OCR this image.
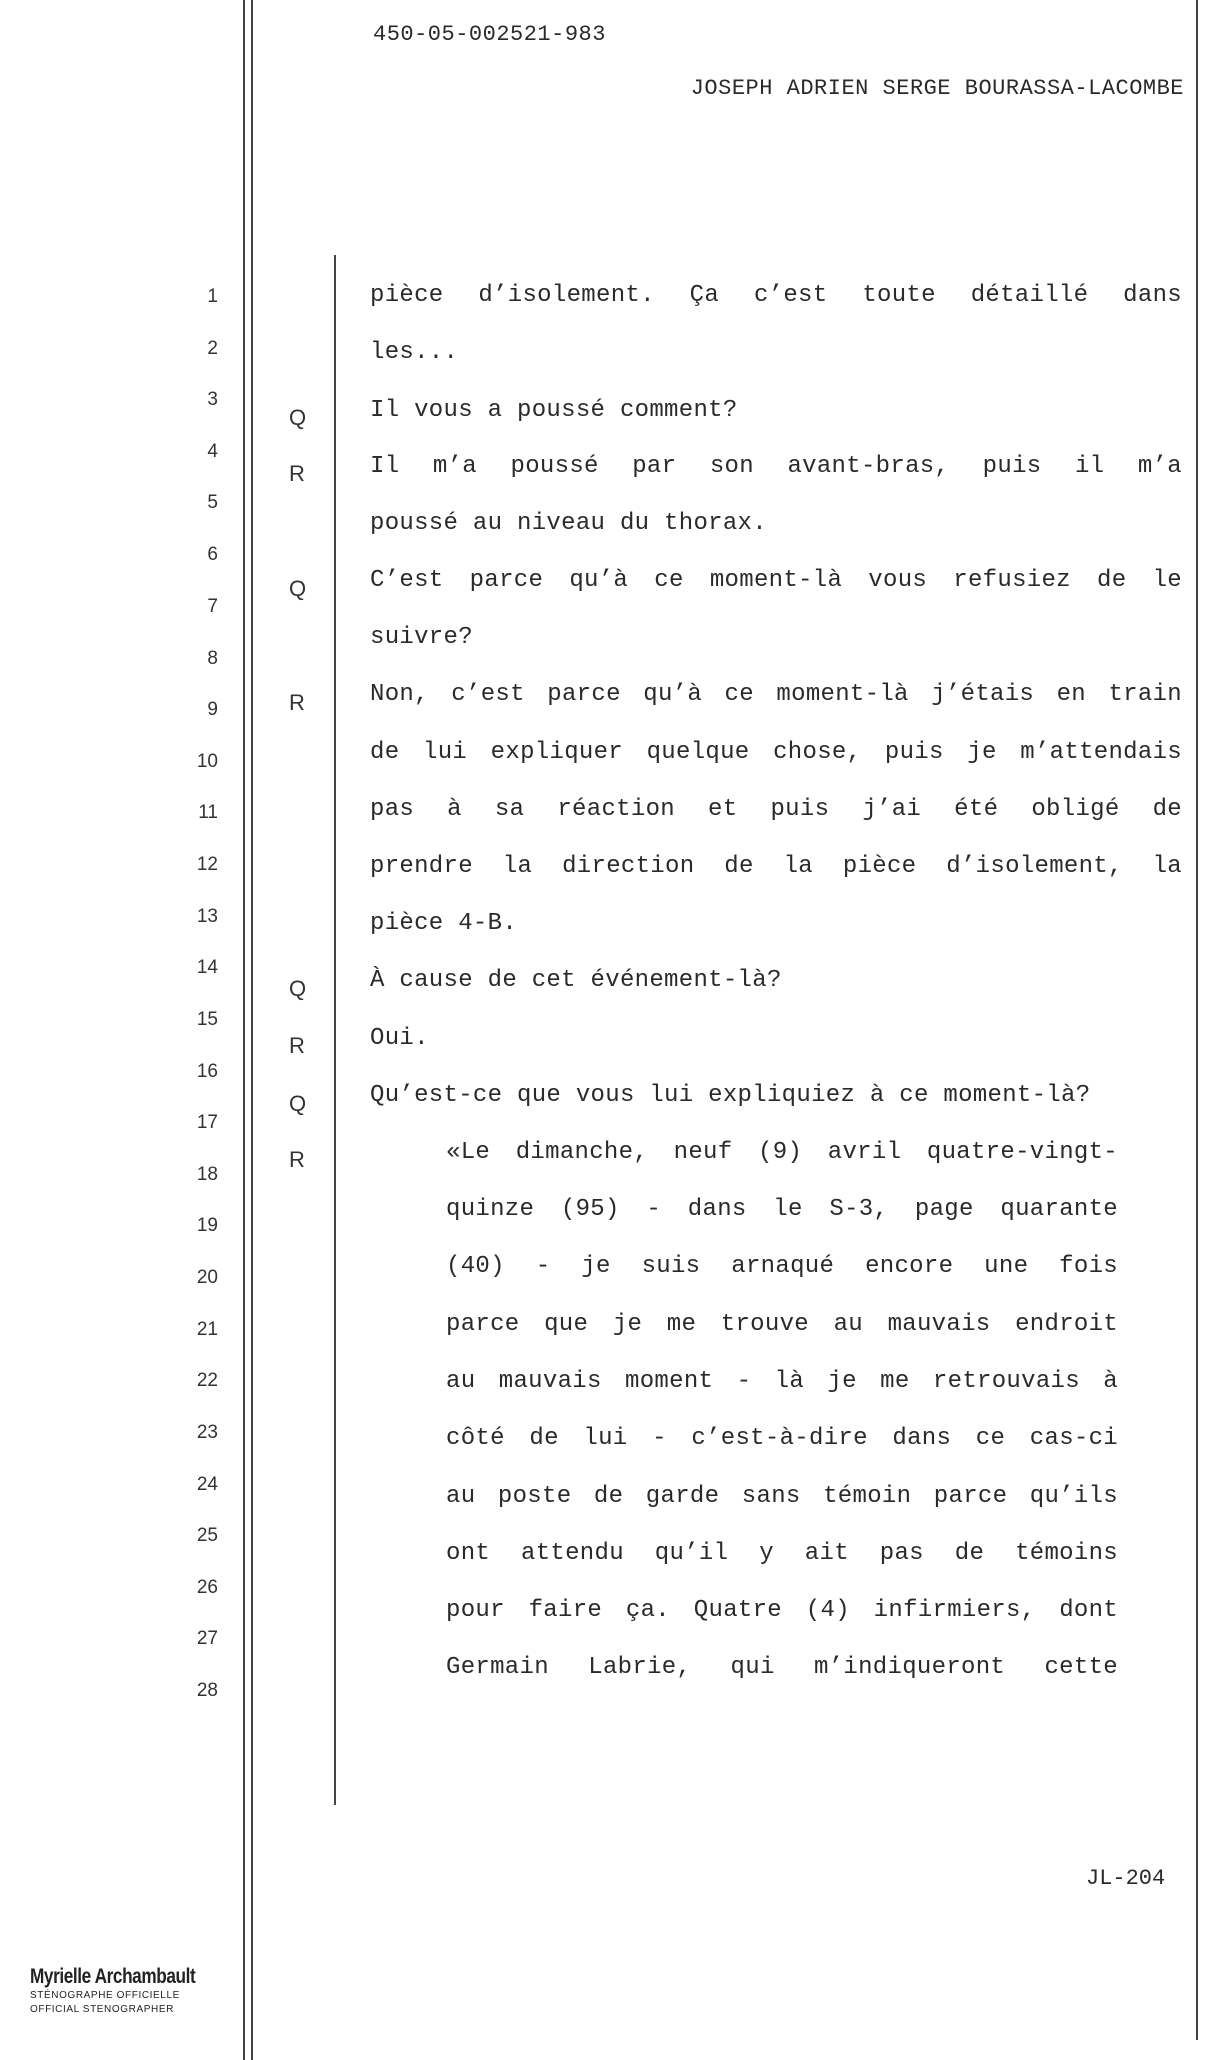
450-05-002521-983
JOSEPH ADRIEN SERGE BOURASSA-LACOMBE
1
2
3
4
5
6
7
8
9
10
11
12
13
14
15
16
17
18
19
20
21
22
23
24
25
26
27
28
Q
R
Q
R
Q
R
Q
R
pièce d’isolement. Ça c’est toute détaillé dans
les...
Il vous a poussé comment?
Il m’a poussé par son avant-bras, puis il m’a
poussé au niveau du thorax.
C’est parce qu’à ce moment-là vous refusiez de le
suivre?
Non, c’est parce qu’à ce moment-là j’étais en train
de lui expliquer quelque chose, puis je m’attendais
pas à sa réaction et puis j’ai été obligé de
prendre la direction de la pièce d’isolement, la
pièce 4-B.
À cause de cet événement-là?
Oui.
Qu’est-ce que vous lui expliquiez à ce moment-là?
«Le dimanche, neuf (9) avril quatre-vingt-
quinze (95) - dans le S-3, page quarante
(40) - je suis arnaqué encore une fois
parce que je me trouve au mauvais endroit
au mauvais moment - là je me retrouvais à
côté de lui - c’est-à-dire dans ce cas-ci
au poste de garde sans témoin parce qu’ils
ont attendu qu’il y ait pas de témoins
pour faire ça. Quatre (4) infirmiers, dont
Germain Labrie, qui m’indiqueront cette
JL-204
Myrielle Archambault
STÉNOGRAPHE OFFICIELLE
OFFICIAL STENOGRAPHER
